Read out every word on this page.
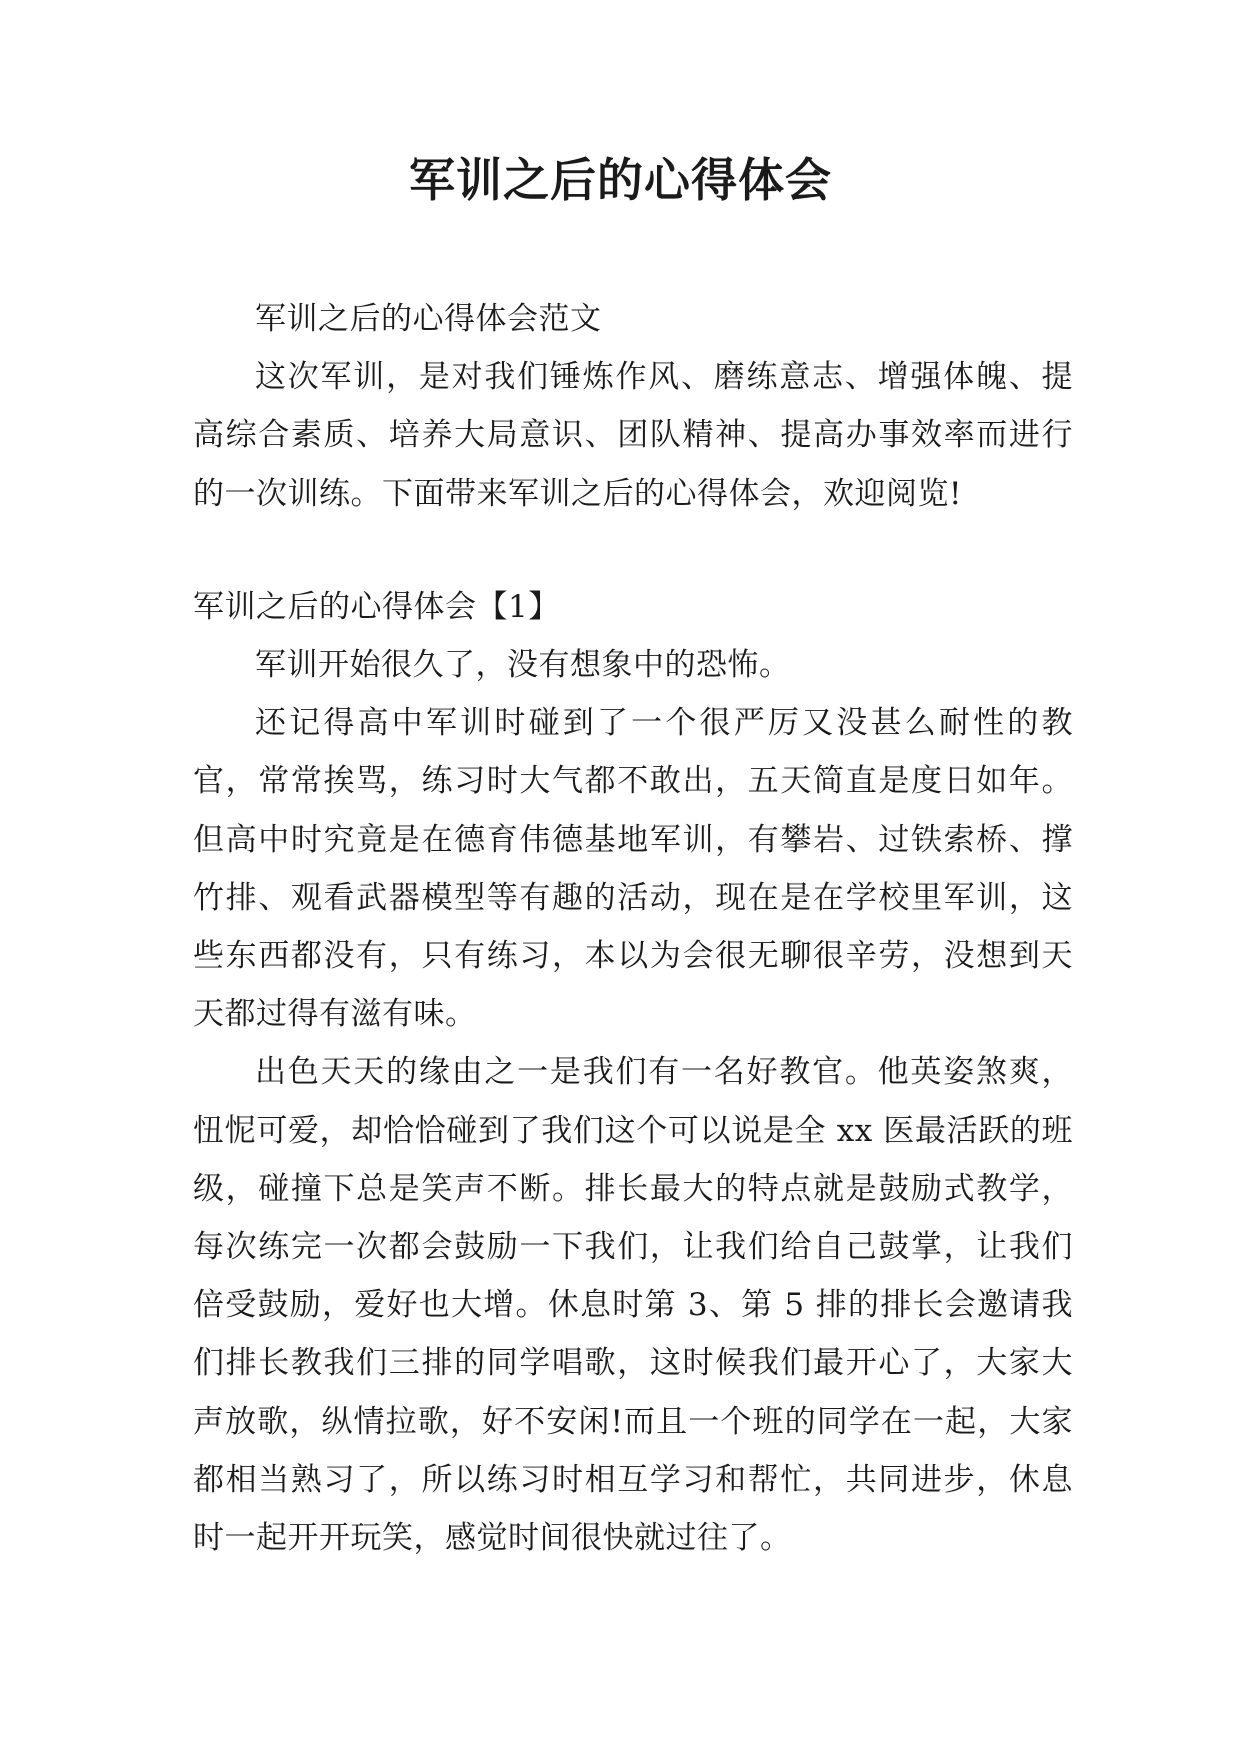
军训之后的心得体会

军训之后的心得体会范文

这次军训，是对我们锤炼作风、磨练意志、增强体魄、提高综合素质、培养大局意识、团队精神、提高办事效率而进行的一次训练。下面带来军训之后的心得体会，欢迎阅览!

军训之后的心得体会【1】

军训开始很久了，没有想象中的恐怖。

还记得高中军训时碰到了一个很严厉又没甚么耐性的教官，常常挨骂，练习时大气都不敢出，五天简直是度日如年。但高中时究竟是在德育伟德基地军训，有攀岩、过铁索桥、撑竹排、观看武器模型等有趣的活动，现在是在学校里军训，这些东西都没有，只有练习，本以为会很无聊很辛劳，没想到天天都过得有滋有味。

出色天天的缘由之一是我们有一名好教官。他英姿煞爽，忸怩可爱，却恰恰碰到了我们这个可以说是全 xx 医最活跃的班级，碰撞下总是笑声不断。排长最大的特点就是鼓励式教学，每次练完一次都会鼓励一下我们，让我们给自己鼓掌，让我们倍受鼓励，爱好也大增。休息时第 3、第 5 排的排长会邀请我们排长教我们三排的同学唱歌，这时候我们最开心了，大家大声放歌，纵情拉歌，好不安闲!而且一个班的同学在一起，大家都相当熟习了，所以练习时相互学习和帮忙，共同进步，休息时一起开开玩笑，感觉时间很快就过往了。
